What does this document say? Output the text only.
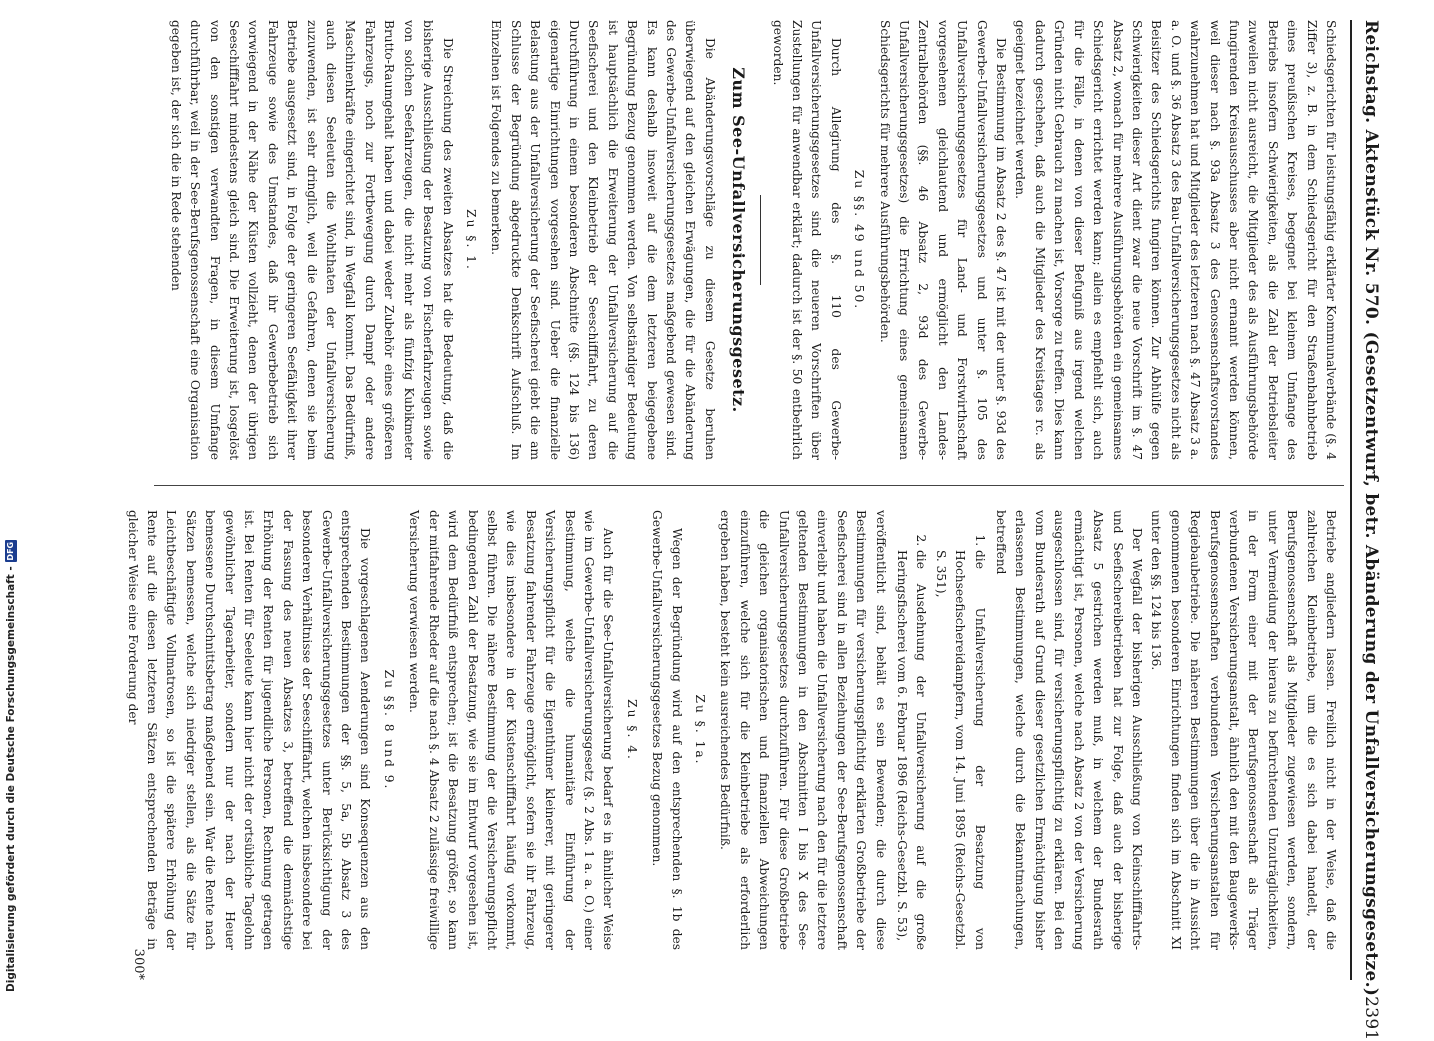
Reichstag. Aktenstück Nr. 570. (Gesetzentwurf, betr. Abänderung der Unfallversicherungsgesetze.)
2391

Schiedsgerichten für leistungsfähig erklärter Kommunalverbände (§. 4 Ziffer 3), z. B. in dem Schiedsgericht für den Straßenbahnbetrieb eines preußischen Kreises, begegnet bei kleinem Umfange des Betriebs insofern Schwierigkeiten, als die Zahl der Betriebsleiter zuweilen nicht ausreicht, die Mitglieder des als Ausführungsbehörde fungirenden Kreisausschusses aber nicht ernannt werden können, weil dieser nach §. 93a Absatz 3 des Genossenschaftsvorstandes wahrzunehmen hat und Mitglieder des letzteren nach §. 47 Absatz 3 a. a. O. und §. 36 Absatz 3 des Bau-Unfallversicherungsgesetzes nicht als Beisitzer des Schiedsgerichts fungiren können. Zur Abhülfe gegen Schwierigkeiten dieser Art dient zwar die neue Vorschrift im §. 47 Absatz 2, wonach für mehrere Ausführungsbehörden ein gemeinsames Schiedsgericht errichtet werden kann; allein es empfiehlt sich, auch für die Fälle, in denen von dieser Befugniß aus irgend welchen Gründen nicht Gebrauch zu machen ist, Vorsorge zu treffen. Dies kann dadurch geschehen, daß auch die Mitglieder des Kreistages rc. als geeignet bezeichnet werden.

Die Bestimmung im Absatz 2 des §. 47 ist mit der unter §. 93d des Gewerbe-Unfallversicherungsgesetzes und unter §. 105 des Unfallversicherungsgesetzes für Land- und Forstwirthschaft vorgesehenen gleichlautend und ermöglicht den Landes-Zentralbehörden (§§. 46 Absatz 2, 93d des Gewerbe-Unfallversicherungsgesetzes) die Errichtung eines gemeinsamen Schiedsgerichts für mehrere Ausführungsbehörden.

Zu §§. 49 und 50.

Durch Allegirung des §. 110 des Gewerbe-Unfallversicherungsgesetzes sind die neueren Vorschriften über Zustellungen für anwendbar erklärt; dadurch ist der §. 50 entbehrlich geworden.

Zum See-Unfallversicherungsgesetz.

Die Abänderungsvorschläge zu diesem Gesetze beruhen überwiegend auf den gleichen Erwägungen, die für die Abänderung des Gewerbe-Unfallversicherungsgesetzes maßgebend gewesen sind. Es kann deshalb insoweit auf die dem letzteren beigegebene Begründung Bezug genommen werden. Von selbständiger Bedeutung ist hauptsächlich die Erweiterung der Unfallversicherung auf die Seefischerei und den Kleinbetrieb der Seeschifffahrt, zu deren Durchführung in einem besonderen Abschnitte (§§. 124 bis 136) eigenartige Einrichtungen vorgesehen sind. Ueber die finanzielle Belastung aus der Unfallversicherung der Seefischerei giebt die am Schlusse der Begründung abgedruckte Denkschrift Aufschluß. Im Einzelnen ist Folgendes zu bemerken.

Zu §. 1.

Die Streichung des zweiten Absatzes hat die Bedeutung, daß die bisherige Ausschließung der Besatzung von Fischerfahrzeugen sowie von solchen Seefahrzeugen, die nicht mehr als fünfzig Kubikmeter Brutto-Raumgehalt haben und dabei weder Zubehör eines größeren Fahrzeugs, noch zur Fortbewegung durch Dampf oder andere Maschinenkräfte eingerichtet sind, in Wegfall kommt. Das Bedürfniß, auch diesen Seeleuten die Wohlthaten der Unfallversicherung zuzuwenden, ist sehr dringlich, weil die Gefahren, denen sie beim Betriebe ausgesetzt sind, in Folge der geringeren Seefähigkeit ihrer Fahrzeuge sowie des Umstandes, daß ihr Gewerbebetrieb sich vorwiegend in der Nähe der Küsten vollzieht, denen der übrigen Seeschifffahrt mindestens gleich sind. Die Erweiterung ist, losgelöst von den sonstigen verwandten Fragen, in diesem Umfange durchführbar, weil in der See-Berufsgenossenschaft eine Organisation gegeben ist, der sich die in Rede stehenden

Betriebe angliedern lassen. Freilich nicht in der Weise, daß die zahlreichen Kleinbetriebe, um die es sich dabei handelt, der Berufsgenossenschaft als Mitglieder zugewiesen werden, sondern, unter Vermeidung der hieraus zu befürchtenden Unzuträglichkeiten, in der Form einer mit der Berufsgenossenschaft als Träger verbundenen Versicherungsanstalt, ähnlich den mit den Baugewerks-Berufsgenossenschaften verbundenen Versicherungsanstalten für Regiebaubetriebe. Die näheren Bestimmungen über die in Aussicht genommenen besonderen Einrichtungen finden sich im Abschnitt XI unter den §§. 124 bis 136.

Der Wegfall der bisherigen Ausschließung von Kleinschifffahrts- und Seefischereibetrieben hat zur Folge, daß auch der bisherige Absatz 5 gestrichen werden muß, in welchem der Bundesrath ermächtigt ist, Personen, welche nach Absatz 2 von der Versicherung ausgeschlossen sind, für versicherungspflichtig zu erklären. Bei den vom Bundesrath auf Grund dieser gesetzlichen Ermächtigung bisher erlassenen Bestimmungen, welche durch die Bekanntmachungen, betreffend

1. die Unfallversicherung der Besatzung von Hochseefischereidampfern, vom 14. Juni 1895 (Reichs-Gesetzbl. S. 351),
2. die Ausdehnung der Unfallversicherung auf die große Heringsfischerei vom 6. Februar 1896 (Reichs-Gesetzbl. S. 53),

veröffentlicht sind, behält es sein Bewenden; die durch diese Bestimmungen für versicherungspflichtig erklärten Großbetriebe der Seefischerei sind in allen Beziehungen der See-Berufsgenossenschaft einverleibt und haben die Unfallversicherung nach den für die letztere geltenden Bestimmungen in den Abschnitten I bis X des See-Unfallversicherungsgesetzes durchzuführen. Für diese Großbetriebe die gleichen organisatorischen und finanziellen Abweichungen einzuführen, welche sich für die Kleinbetriebe als erforderlich ergeben haben, besteht kein ausreichendes Bedürfniß.

Zu §. 1a.

Wegen der Begründung wird auf den entsprechenden §. 1b des Gewerbe-Unfallversicherungsgesetzes Bezug genommen.

Zu §. 4.

Auch für die See-Unfallversicherung bedarf es in ähnlicher Weise wie im Gewerbe-Unfallversicherungsgesetz (§. 2 Abs. 1 a. a. O.) einer Bestimmung, welche die humanitäre Einführung der Versicherungspflicht für die Eigenthümer kleinerer, mit geringerer Besatzung fahrender Fahrzeuge ermöglicht, sofern sie ihr Fahrzeug, wie dies insbesondere in der Küstenschifffahrt häufig vorkommt, selbst führen. Die nähere Bestimmung der die Versicherungspflicht bedingenden Zahl der Besatzung, wie sie im Entwurf vorgesehen ist, wird dem Bedürfniß entsprechen; ist die Besatzung größer, so kann der mitfahrende Rheder auf die nach §. 4 Absatz 2 zulässige freiwillige Versicherung verwiesen werden.

Zu §§. 8 und 9.

Die vorgeschlagenen Aenderungen sind Konsequenzen aus den entsprechenden Bestimmungen der §§. 5, 5a, 5b Absatz 3 des Gewerbe-Unfallversicherungsgesetzes unter Berücksichtigung der besonderen Verhältnisse der Seeschifffahrt, welchen insbesondere bei der Fassung des neuen Absatzes 3, betreffend die demnächstige Erhöhung der Renten für jugendliche Personen, Rechnung getragen ist. Bei Renten für Seeleute kann hier nicht der ortsübliche Tagelohn gewöhnlicher Tagearbeiter, sondern nur der nach der Heuer bemessene Durchschnittsbetrag maßgebend sein. War die Rente nach Sätzen bemessen, welche sich niedriger stellen, als die Sätze für Leichtbeschäftigte Vollmatrosen, so ist die spätere Erhöhung der Rente auf die diesen letzteren Sätzen entsprechenden Beträge in gleicher Weise eine Forderung der

300*
Digitalisierung gefördert durch die Deutsche Forschungsgemeinschaft -
DFG
